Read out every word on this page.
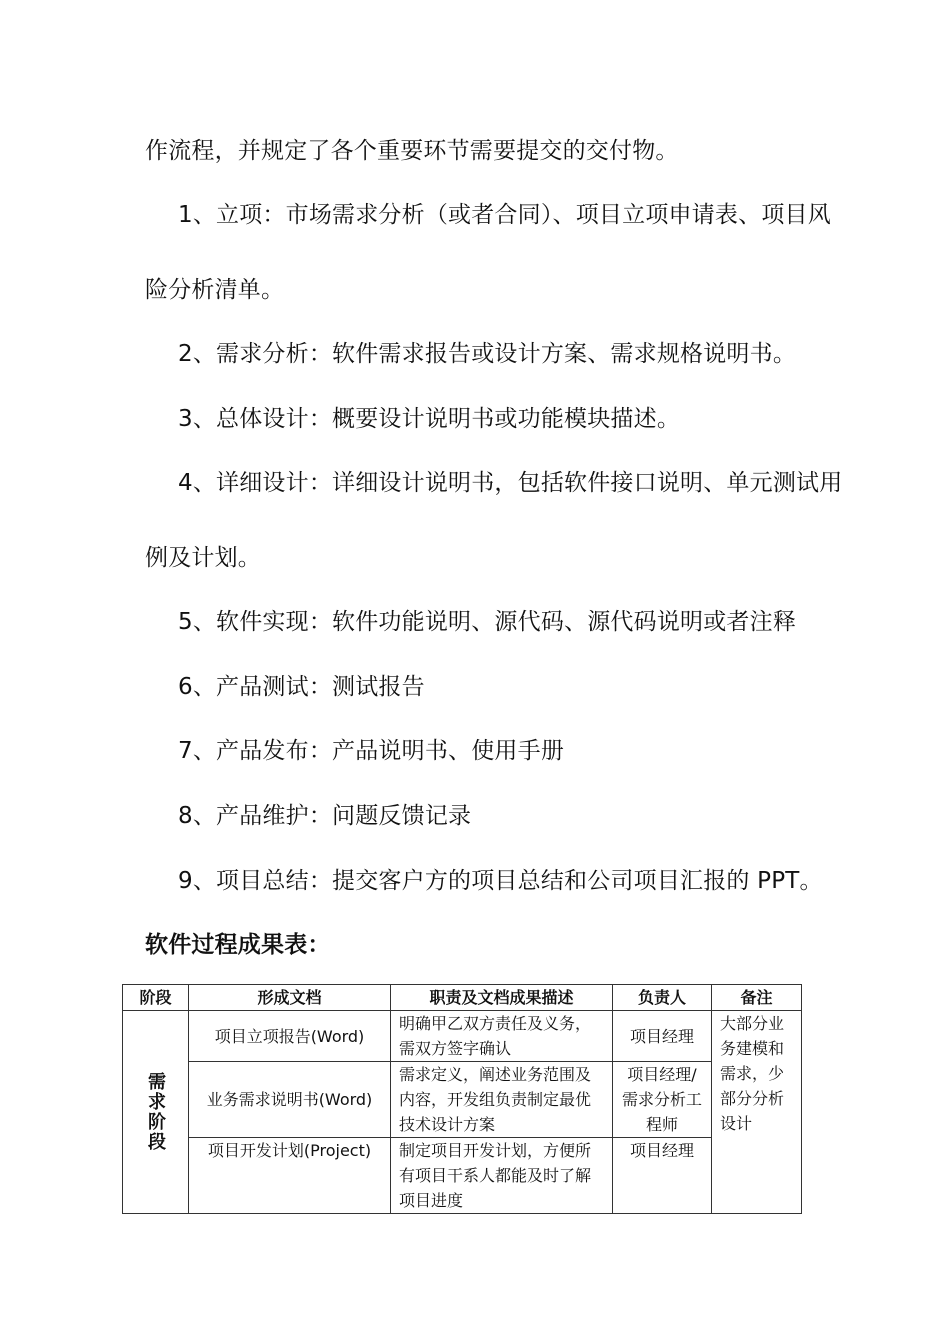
作流程，并规定了各个重要环节需要提交的交付物。
1、立项：市场需求分析（或者合同）、项目立项申请表、项目风
险分析清单。
2、需求分析：软件需求报告或设计方案、需求规格说明书。
3、总体设计：概要设计说明书或功能模块描述。
4、详细设计：详细设计说明书，包括软件接口说明、单元测试用
例及计划。
5、软件实现：软件功能说明、源代码、源代码说明或者注释
6、产品测试：测试报告
7、产品发布：产品说明书、使用手册
8、产品维护：问题反馈记录
9、项目总结：提交客户方的项目总结和公司项目汇报的 PPT。
软件过程成果表：
阶段	形成文档	职责及文档成果描述	负责人	备注
需求阶段	项目立项报告(Word)	明确甲乙双方责任及义务，需双方签字确认	项目经理	大部分业务建模和需求，少部分分析设计
	业务需求说明书(Word)	需求定义，阐述业务范围及内容，开发组负责制定最优技术设计方案	项目经理/需求分析工程师	
	项目开发计划(Project)	制定项目开发计划，方便所有项目干系人都能及时了解项目进度	项目经理	
